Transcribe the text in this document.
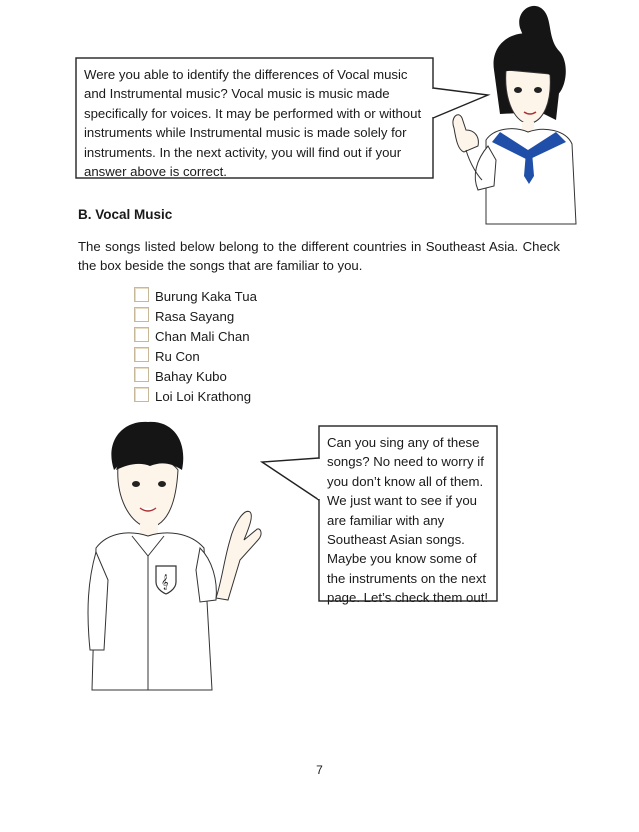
𝄞
Were you able to identify the differences of Vocal music and Instrumental music? Vocal music is music made specifically for voices. It may be performed with or without instruments while Instrumental music is made solely for instruments. In the next activity, you will find out if your answer above is correct.
B. Vocal Music
The songs listed below belong to the different countries in Southeast Asia. Check the box beside the songs that are familiar to you.
Burung Kaka Tua
Rasa Sayang
Chan Mali Chan
Ru Con
Bahay Kubo
Loi Loi Krathong
Can you sing any of these songs? No need to worry if you don’t know all of them. We just want to see if you are familiar with any Southeast Asian songs. Maybe you know some of the instruments on the next page. Let’s check them out!
7
